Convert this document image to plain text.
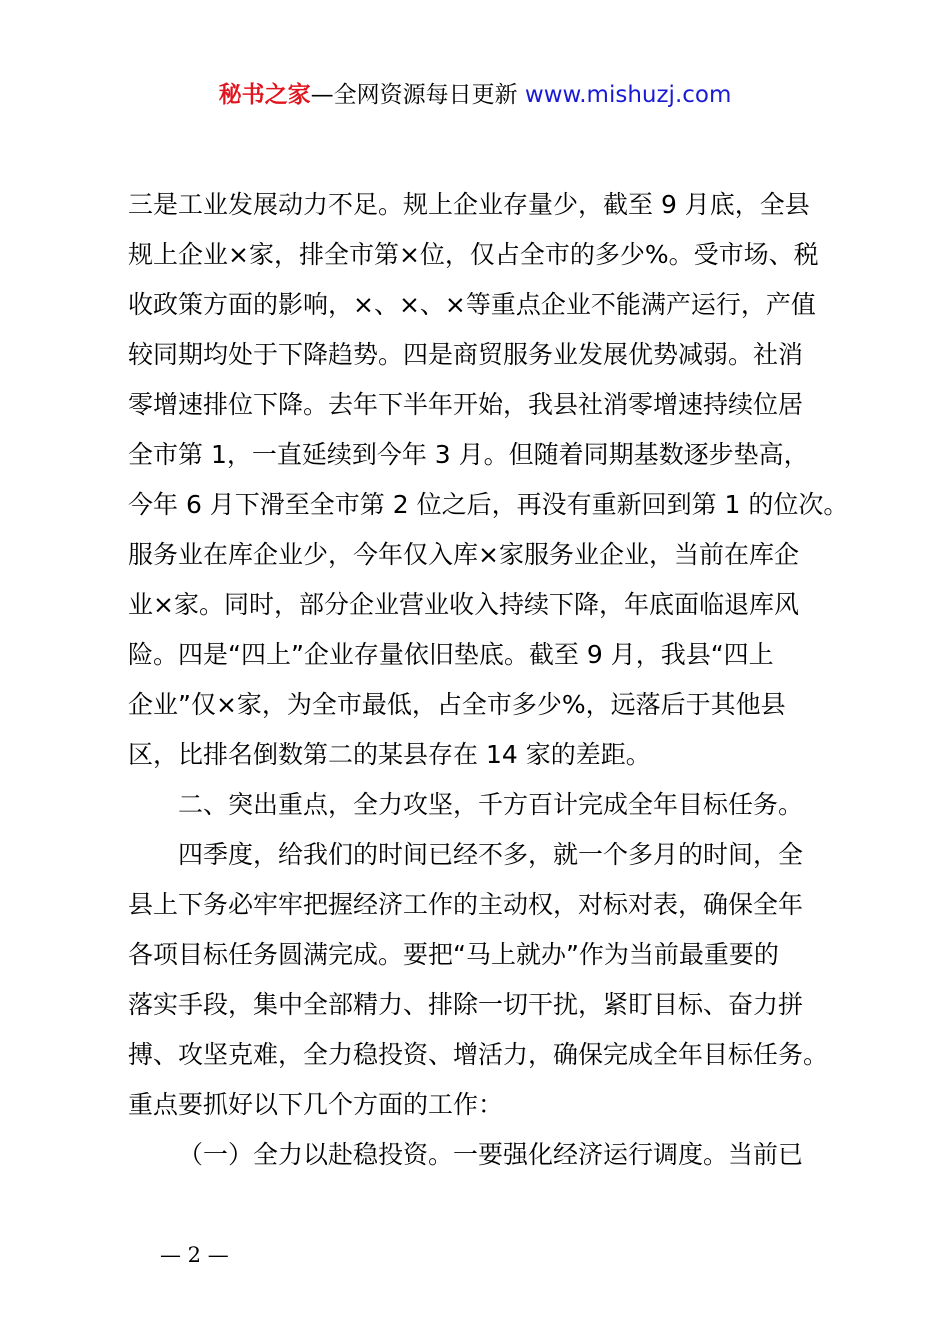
秘书之家—全网资源每日更新 www.mishuzj.com
三是工业发展动力不足。规上企业存量少，截至 9 月底，全县
规上企业×家，排全市第×位，仅占全市的多少%。受市场、税
收政策方面的影响，×、×、×等重点企业不能满产运行，产值
较同期均处于下降趋势。四是商贸服务业发展优势减弱。社消
零增速排位下降。去年下半年开始，我县社消零增速持续位居
全市第 1，一直延续到今年 3 月。但随着同期基数逐步垫高，
今年 6 月下滑至全市第 2 位之后，再没有重新回到第 1 的位次。
服务业在库企业少，今年仅入库×家服务业企业，当前在库企
业×家。同时，部分企业营业收入持续下降，年底面临退库风
险。四是“四上”企业存量依旧垫底。截至 9 月，我县“四上
企业”仅×家，为全市最低，占全市多少%，远落后于其他县
区，比排名倒数第二的某县存在 14 家的差距。
二、突出重点，全力攻坚，千方百计完成全年目标任务。
四季度，给我们的时间已经不多，就一个多月的时间，全
县上下务必牢牢把握经济工作的主动权，对标对表，确保全年
各项目标任务圆满完成。要把“马上就办”作为当前最重要的
落实手段，集中全部精力、排除一切干扰，紧盯目标、奋力拼
搏、攻坚克难，全力稳投资、增活力，确保完成全年目标任务。
重点要抓好以下几个方面的工作：
（一）全力以赴稳投资。一要强化经济运行调度。当前已
— 2 —
